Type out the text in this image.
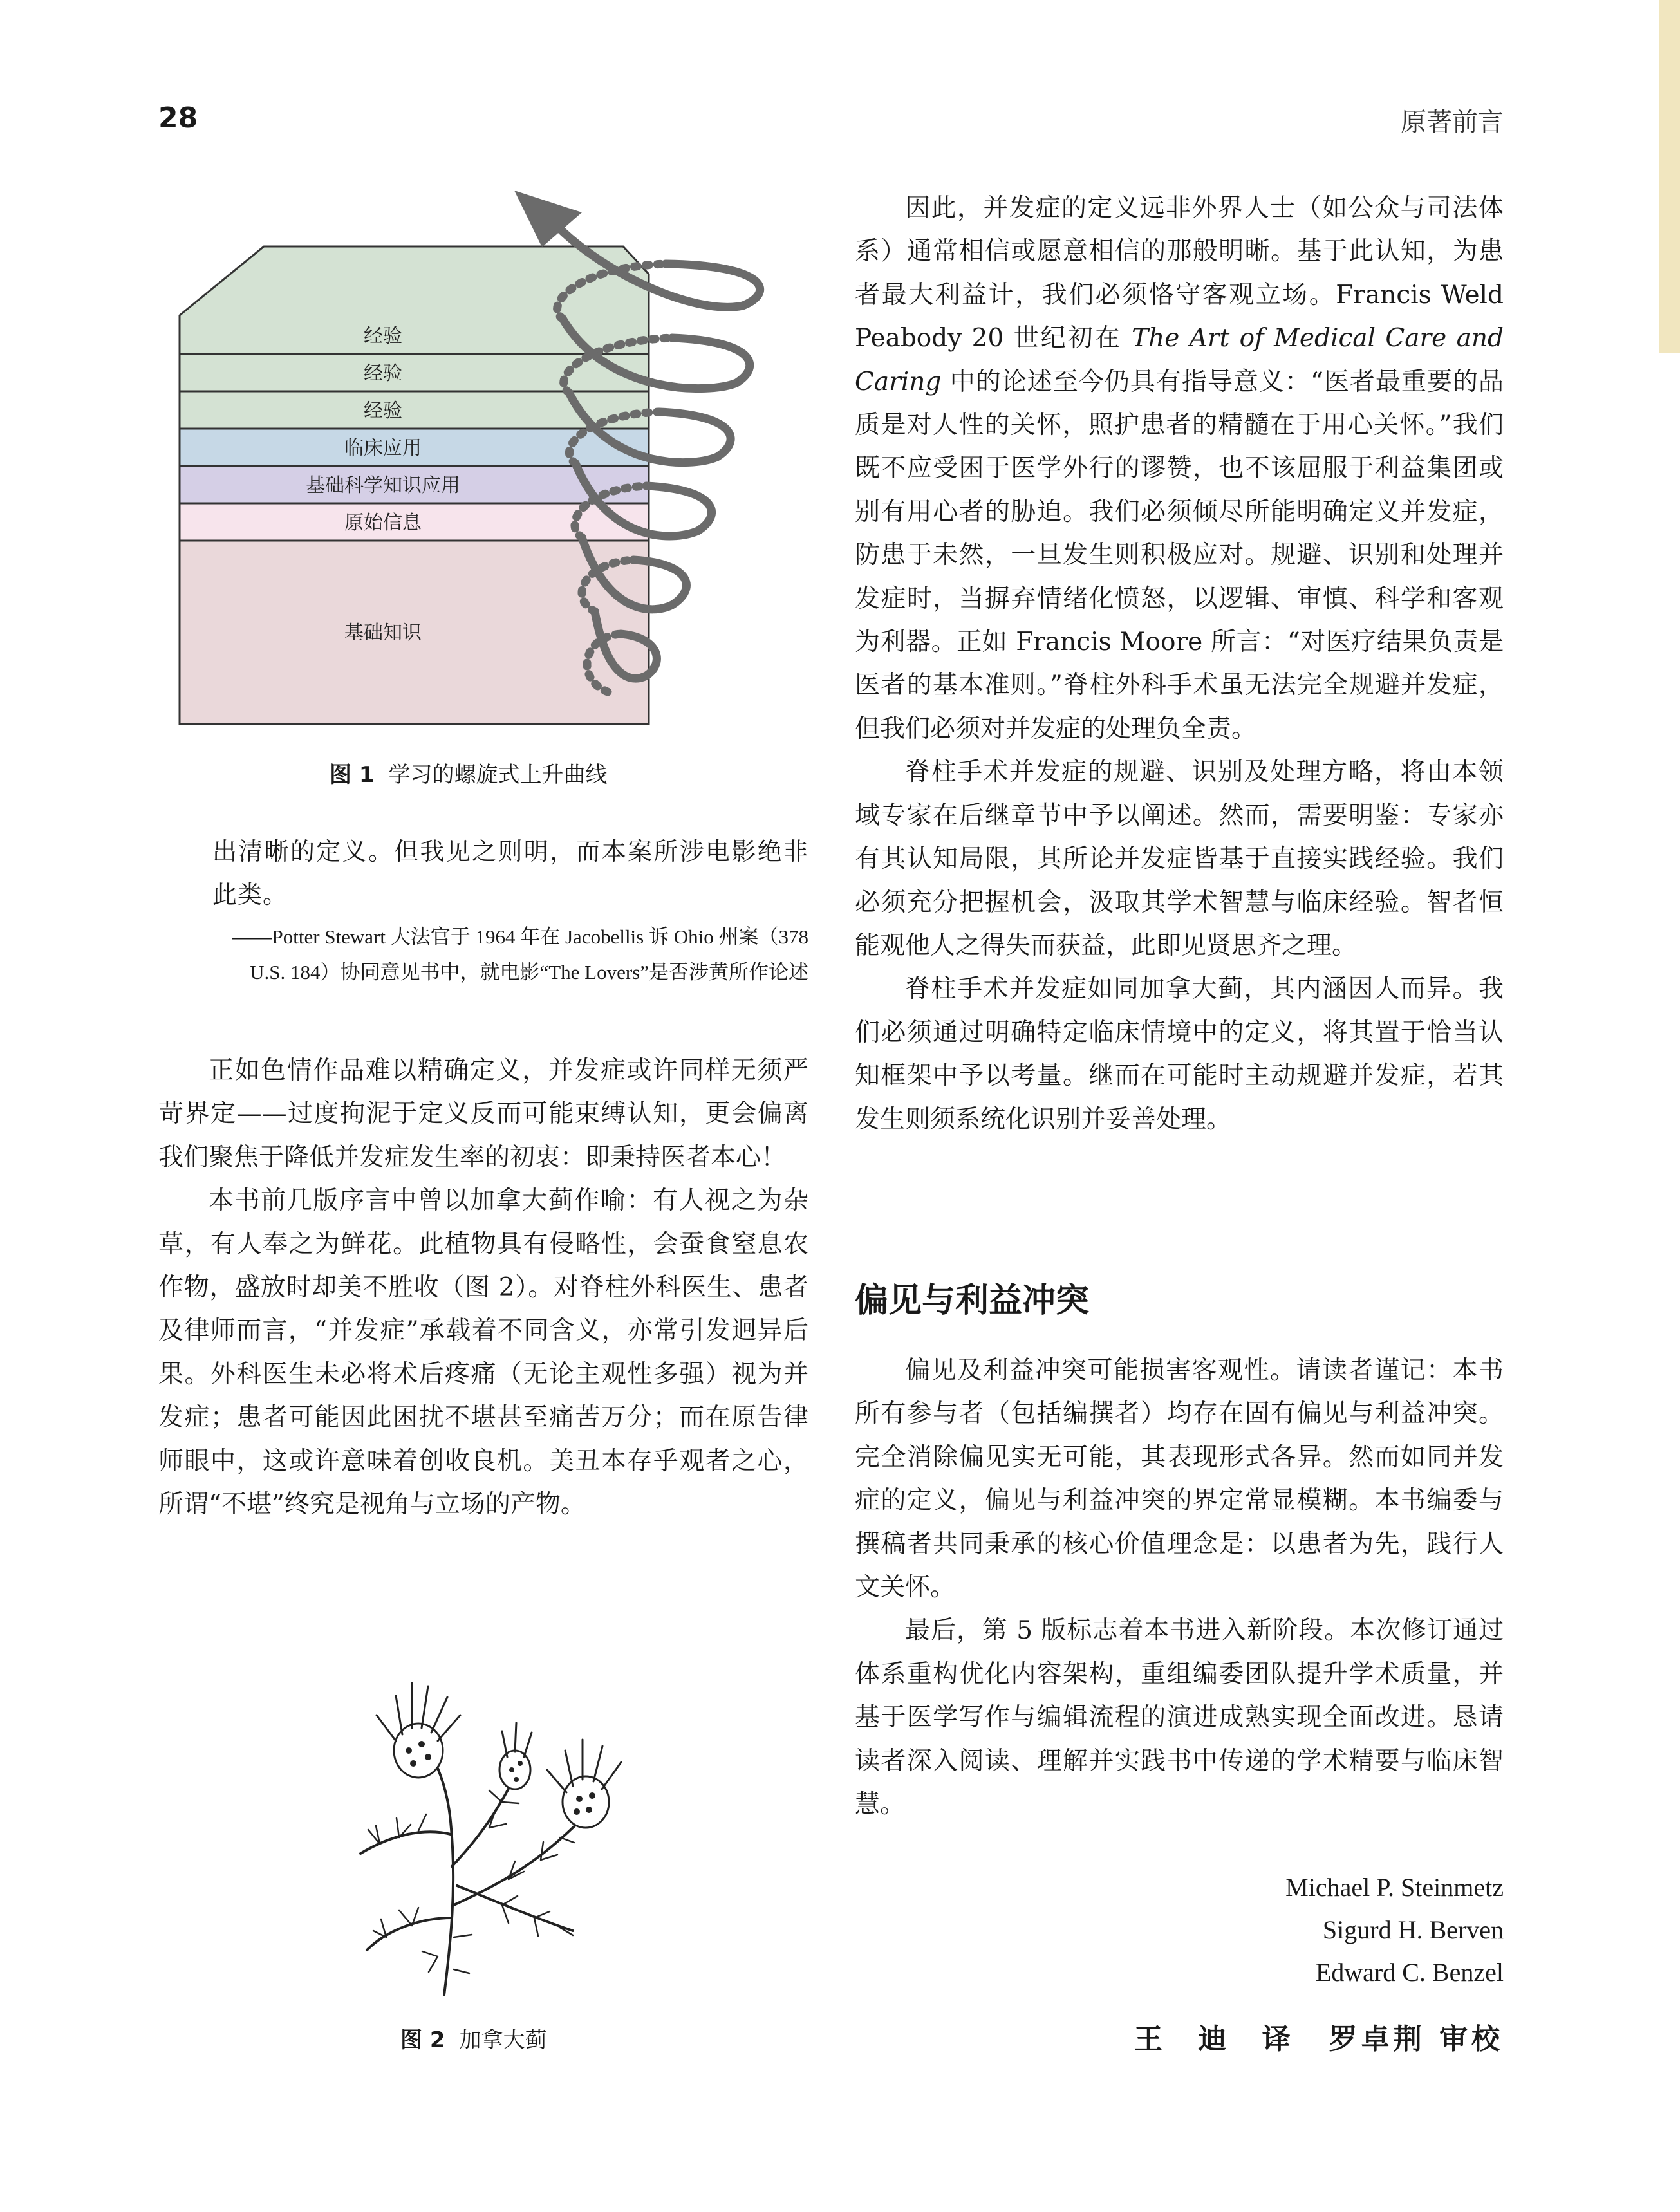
28	原著前言
经验
经验
经验
临床应用
基础科学知识应用
原始信息
基础知识
图 1 学习的螺旋式上升曲线
出清晰的定义。但我见之则明，而本案所涉电影绝非此类。
——Potter Stewart 大法官于 1964 年在 Jacobellis 诉 Ohio 州案（378 U.S. 184）协同意见书中，就电影“The Lovers”是否涉黄所作论述

正如色情作品难以精确定义，并发症或许同样无须严苛界定——过度拘泥于定义反而可能束缚认知，更会偏离我们聚焦于降低并发症发生率的初衷：即秉持医者本心！

本书前几版序言中曾以加拿大蓟作喻：有人视之为杂草，有人奉之为鲜花。此植物具有侵略性，会蚕食窒息农作物，盛放时却美不胜收（图 2）。对脊柱外科医生、患者及律师而言，“并发症”承载着不同含义，亦常引发迥异后果。外科医生未必将术后疼痛（无论主观性多强）视为并发症；患者可能因此困扰不堪甚至痛苦万分；而在原告律师眼中，这或许意味着创收良机。美丑本存乎观者之心，所谓“不堪”终究是视角与立场的产物。

图 2 加拿大蓟

因此，并发症的定义远非外界人士（如公众与司法体系）通常相信或愿意相信的那般明晰。基于此认知，为患者最大利益计，我们必须恪守客观立场。Francis Weld Peabody 20 世纪初在 The Art of Medical Care and Caring 中的论述至今仍具有指导意义：“医者最重要的品质是对人性的关怀，照护患者的精髓在于用心关怀。”我们既不应受困于医学外行的谬赞，也不该屈服于利益集团或别有用心者的胁迫。我们必须倾尽所能明确定义并发症，防患于未然，一旦发生则积极应对。规避、识别和处理并发症时，当摒弃情绪化愤怒，以逻辑、审慎、科学和客观为利器。正如 Francis Moore 所言：“对医疗结果负责是医者的基本准则。”脊柱外科手术虽无法完全规避并发症，但我们必须对并发症的处理负全责。

脊柱手术并发症的规避、识别及处理方略，将由本领域专家在后继章节中予以阐述。然而，需要明鉴：专家亦有其认知局限，其所论并发症皆基于直接实践经验。我们必须充分把握机会，汲取其学术智慧与临床经验。智者恒能观他人之得失而获益，此即见贤思齐之理。

脊柱手术并发症如同加拿大蓟，其内涵因人而异。我们必须通过明确特定临床情境中的定义，将其置于恰当认知框架中予以考量。继而在可能时主动规避并发症，若其发生则须系统化识别并妥善处理。

偏见与利益冲突

偏见及利益冲突可能损害客观性。请读者谨记：本书所有参与者（包括编撰者）均存在固有偏见与利益冲突。完全消除偏见实无可能，其表现形式各异。然而如同并发症的定义，偏见与利益冲突的界定常显模糊。本书编委与撰稿者共同秉承的核心价值理念是：以患者为先，践行人文关怀。

最后，第 5 版标志着本书进入新阶段。本次修订通过体系重构优化内容架构，重组编委团队提升学术质量，并基于医学写作与编辑流程的演进成熟实现全面改进。恳请读者深入阅读、理解并实践书中传递的学术精要与临床智慧。

Michael P. Steinmetz
Sigurd H. Berven
Edward C. Benzel
王 迪 译 罗卓荆 审校
